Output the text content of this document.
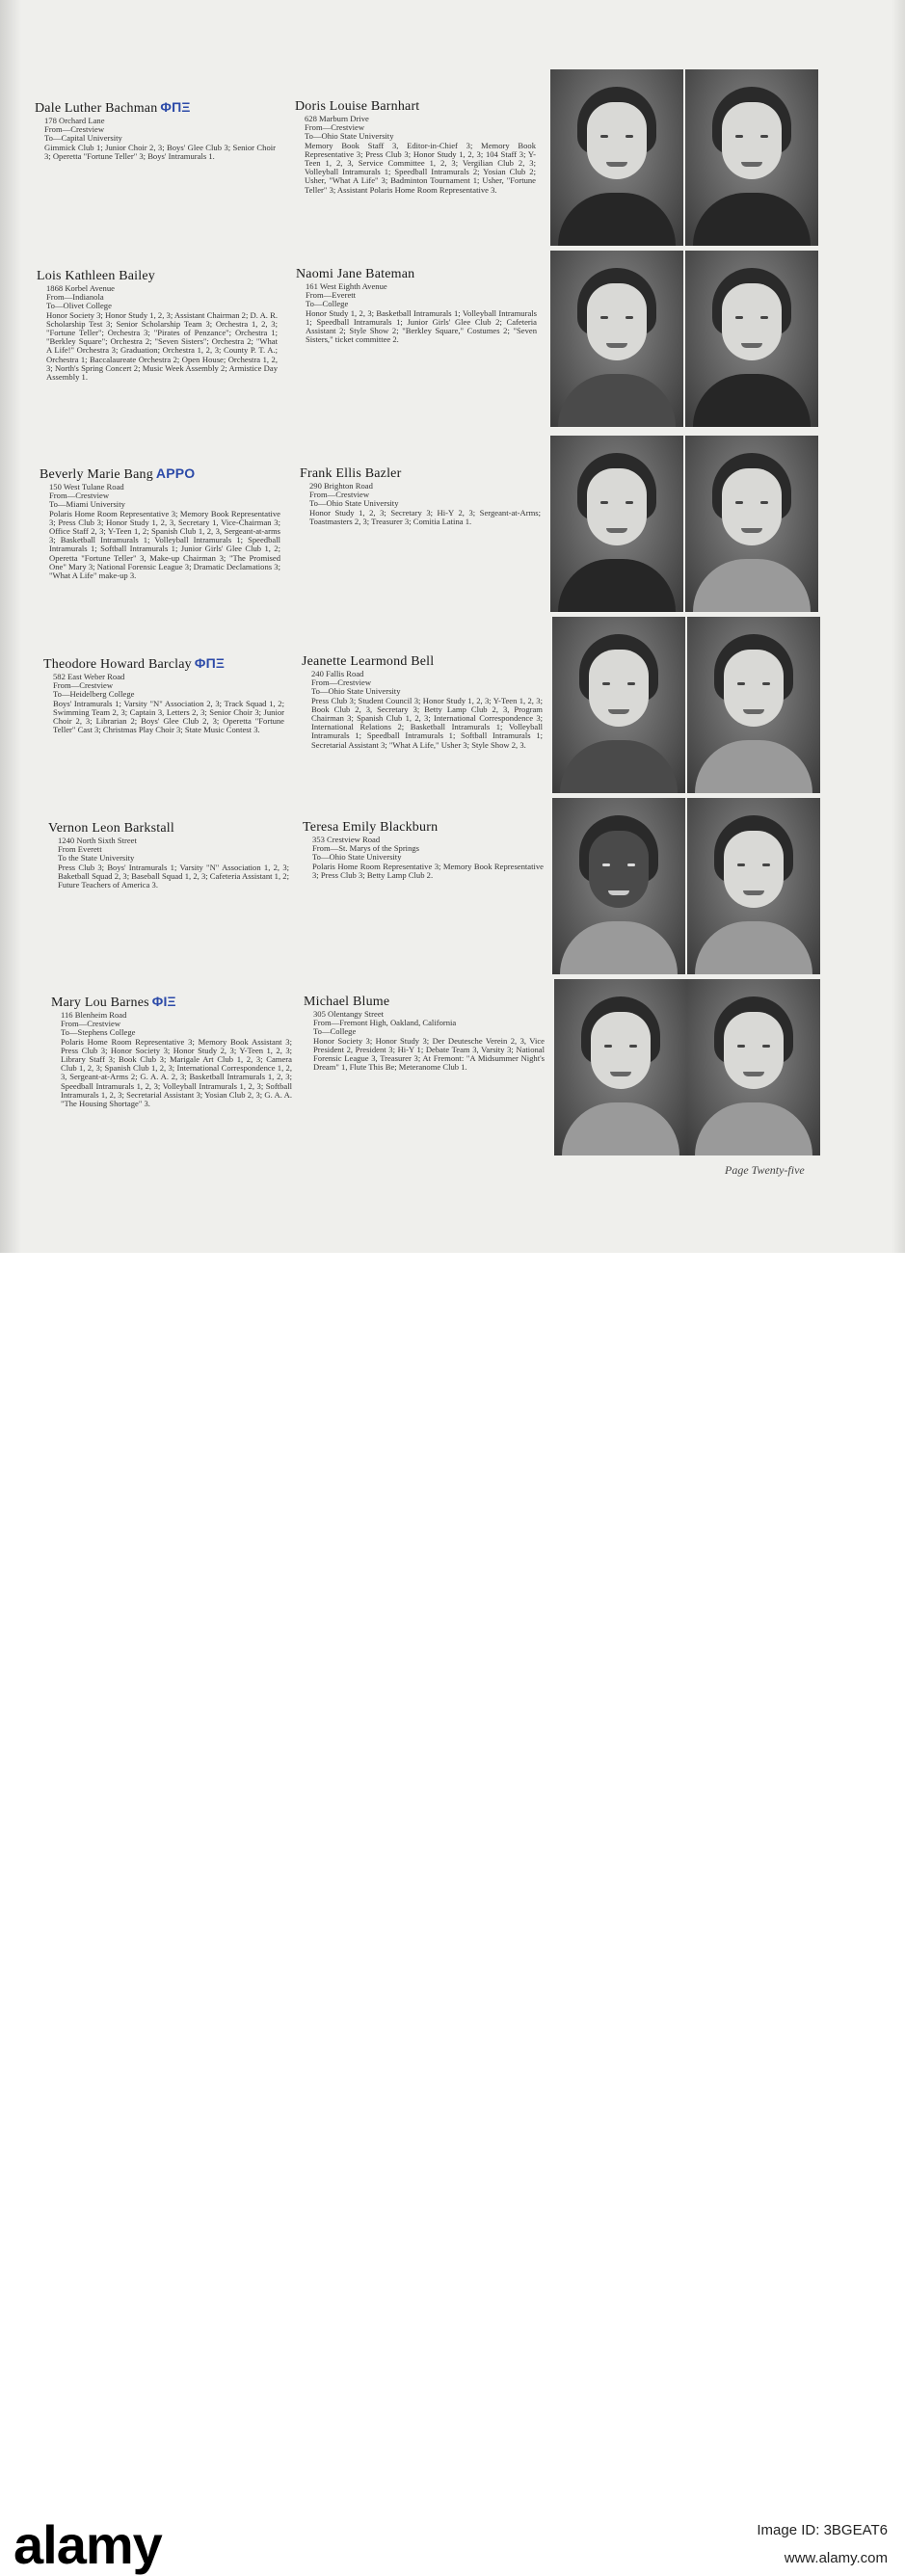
Dale Luther Bachman ΦΠΞ
178 Orchard Lane
From—Crestview
To—Capital University
Gimmick Club 1; Junior Choir 2, 3; Boys' Glee Club 3; Senior Choir 3; Operetta "Fortune Teller" 3; Boys' Intramurals 1.
Lois Kathleen Bailey
1868 Korbel Avenue
From—Indianola
To—Olivet College
Honor Society 3; Honor Study 1, 2, 3; Assistant Chairman 2; D. A. R. Scholarship Test 3; Senior Scholarship Team 3; Orchestra 1, 2, 3; "Fortune Teller"; Orchestra 3; "Pirates of Penzance"; Orchestra 1; "Berkley Square"; Orchestra 2; "Seven Sisters"; Orchestra 2; "What A Life!" Orchestra 3; Graduation; Orchestra 1, 2, 3; County P. T. A.; Orchestra 1; Baccalaureate Orchestra 2; Open House; Orchestra 1, 2, 3; North's Spring Concert 2; Music Week Assembly 2; Armistice Day Assembly 1.
Beverly Marie Bang ΑΡΡΟ
150 West Tulane Road
From—Crestview
To—Miami University
Polaris Home Room Representative 3; Memory Book Representative 3; Press Club 3; Honor Study 1, 2, 3, Secretary 1, Vice-Chairman 3; Office Staff 2, 3; Y-Teen 1, 2; Spanish Club 1, 2, 3, Sergeant-at-arms 3; Basketball Intramurals 1; Volleyball Intramurals 1; Speedball Intramurals 1; Softball Intramurals 1; Junior Girls' Glee Club 1, 2; Operetta "Fortune Teller" 3, Make-up Chairman 3; "The Promised One" Mary 3; National Forensic League 3; Dramatic Declamations 3; "What A Life" make-up 3.
Theodore Howard Barclay ΦΠΞ
582 East Weber Road
From—Crestview
To—Heidelberg College
Boys' Intramurals 1; Varsity "N" Association 2, 3; Track Squad 1, 2; Swimming Team 2, 3; Captain 3, Letters 2, 3; Senior Choir 3; Junior Choir 2, 3; Librarian 2; Boys' Glee Club 2, 3; Operetta "Fortune Teller" Cast 3; Christmas Play Choir 3; State Music Contest 3.
Vernon Leon Barkstall
1240 North Sixth Street
From Everett
To the State University
Press Club 3; Boys' Intramurals 1; Varsity "N" Association 1, 2, 3; Baketball Squad 2, 3; Baseball Squad 1, 2, 3; Cafeteria Assistant 1, 2; Future Teachers of America 3.
Mary Lou Barnes ΦΙΞ
116 Blenheim Road
From—Crestview
To—Stephens College
Polaris Home Room Representative 3; Memory Book Assistant 3; Press Club 3; Honor Society 3; Honor Study 2, 3; Y-Teen 1, 2, 3; Library Staff 3; Book Club 3; Marigale Art Club 1, 2, 3; Camera Club 1, 2, 3; Spanish Club 1, 2, 3; International Correspondence 1, 2, 3, Sergeant-at-Arms 2; G. A. A. 2, 3; Basketball Intramurals 1, 2, 3; Speedball Intramurals 1, 2, 3; Volleyball Intramurals 1, 2, 3; Softball Intramurals 1, 2, 3; Secretarial Assistant 3; Yosian Club 2, 3; G. A. A. "The Housing Shortage" 3.
Doris Louise Barnhart
628 Marburn Drive
From—Crestview
To—Ohio State University
Memory Book Staff 3, Editor-in-Chief 3; Memory Book Representative 3; Press Club 3; Honor Study 1, 2, 3; 104 Staff 3; Y-Teen 1, 2, 3, Service Committee 1, 2, 3; Vergilian Club 2, 3; Volleyball Intramurals 1; Speedball Intramurals 2; Yosian Club 2; Usher, "What A Life" 3; Badminton Tournament 1; Usher, "Fortune Teller" 3; Assistant Polaris Home Room Representative 3.
Naomi Jane Bateman
161 West Eighth Avenue
From—Everett
To—College
Honor Study 1, 2, 3; Basketball Intramurals 1; Volleyball Intramurals 1; Speedball Intramurals 1; Junior Girls' Glee Club 2; Cafeteria Assistant 2; Style Show 2; "Berkley Square," Costumes 2; "Seven Sisters," ticket committee 2.
Frank Ellis Bazler
290 Brighton Road
From—Crestview
To—Ohio State University
Honor Study 1, 2, 3; Secretary 3; Hi-Y 2, 3; Sergeant-at-Arms; Toastmasters 2, 3; Treasurer 3; Comitia Latina 1.
Jeanette Learmond Bell
240 Fallis Road
From—Crestview
To—Ohio State University
Press Club 3; Student Council 3; Honor Study 1, 2, 3; Y-Teen 1, 2, 3; Book Club 2, 3, Secretary 3; Betty Lamp Club 2, 3, Program Chairman 3; Spanish Club 1, 2, 3; International Correspondence 3; International Relations 2; Basketball Intramurals 1; Volleyball Intramurals 1; Speedball Intramurals 1; Softball Intramurals 1; Secretarial Assistant 3; "What A Life," Usher 3; Style Show 2, 3.
Teresa Emily Blackburn
353 Crestview Road
From—St. Marys of the Springs
To—Ohio State University
Polaris Home Room Representative 3; Memory Book Representative 3; Press Club 3; Betty Lamp Club 2.
Michael Blume
305 Olentangy Street
From—Fremont High, Oakland, California
To—College
Honor Society 3; Honor Study 3; Der Deutesche Verein 2, 3, Vice President 2, President 3; Hi-Y 1; Debate Team 3, Varsity 3; National Forensic League 3, Treasurer 3; At Fremont: "A Midsummer Night's Dream" 1, Flute This Be; Meteranome Club 1.
Page Twenty-five
alamy	Image ID: 3BGEAT6
www.alamy.com
